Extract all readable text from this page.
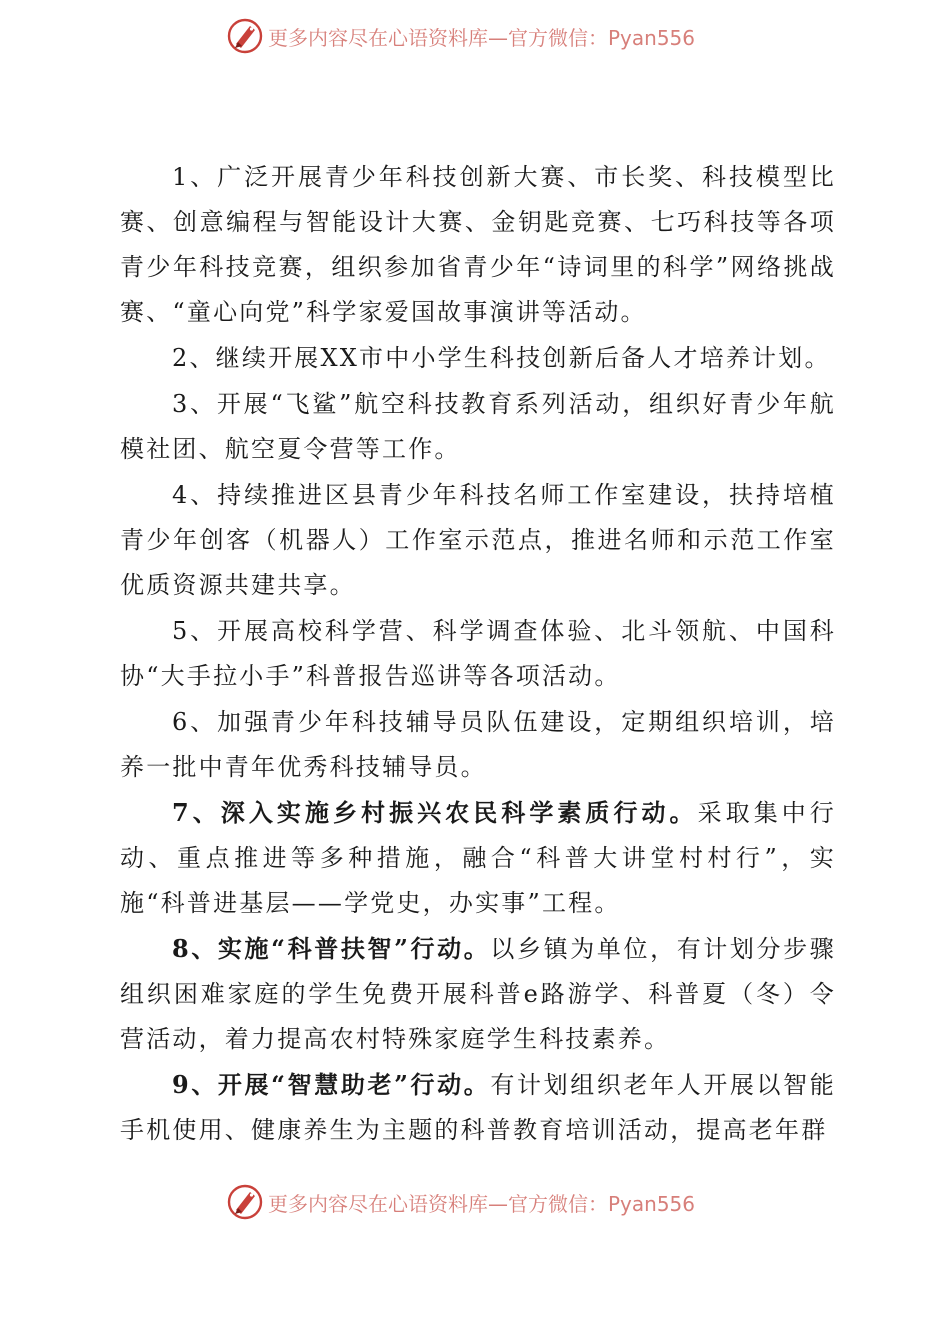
更多内容尽在心语资料库—官方微信：Pyan556

1、广泛开展青少年科技创新大赛、市长奖、科技模型比赛、创意编程与智能设计大赛、金钥匙竞赛、七巧科技等各项青少年科技竞赛，组织参加省青少年“诗词里的科学”网络挑战赛、“童心向党”科学家爱国故事演讲等活动。

2、继续开展XX市中小学生科技创新后备人才培养计划。

3、开展“飞鲨”航空科技教育系列活动，组织好青少年航模社团、航空夏令营等工作。

4、持续推进区县青少年科技名师工作室建设，扶持培植青少年创客（机器人）工作室示范点，推进名师和示范工作室优质资源共建共享。

5、开展高校科学营、科学调查体验、北斗领航、中国科协“大手拉小手”科普报告巡讲等各项活动。

6、加强青少年科技辅导员队伍建设，定期组织培训，培养一批中青年优秀科技辅导员。

7、深入实施乡村振兴农民科学素质行动。采取集中行动、重点推进等多种措施，融合“科普大讲堂村村行”，实施“科普进基层——学党史，办实事”工程。

8、实施“科普扶智”行动。以乡镇为单位，有计划分步骤组织困难家庭的学生免费开展科普e路游学、科普夏（冬）令营活动，着力提高农村特殊家庭学生科技素养。

9、开展“智慧助老”行动。有计划组织老年人开展以智能手机使用、健康养生为主题的科普教育培训活动，提高老年群

更多内容尽在心语资料库—官方微信：Pyan556
